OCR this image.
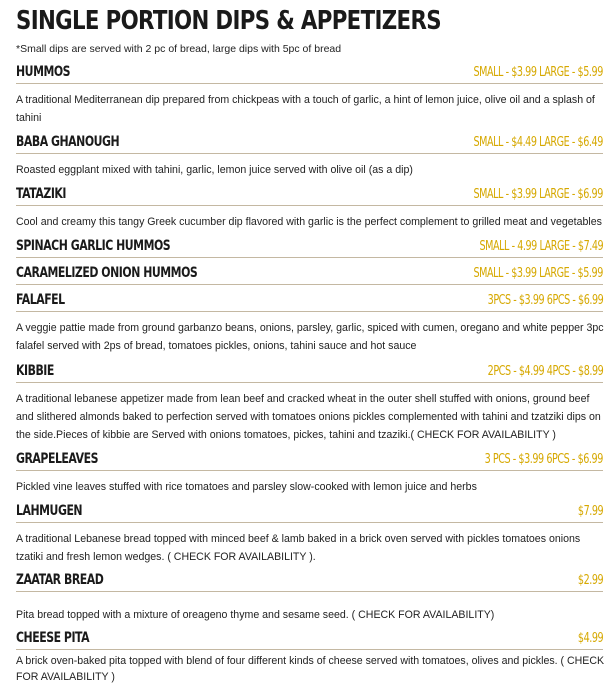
SINGLE PORTION DIPS & APPETIZERS
*Small dips are served with 2 pc of bread, large dips with 5pc of bread
HUMMOS	SMALL - $3.99 LARGE - $5.99
A traditional Mediterranean dip prepared from chickpeas with a touch of garlic, a hint of lemon juice, olive oil and a splash of tahini
BABA GHANOUGH	SMALL - $4.49 LARGE - $6.49
Roasted eggplant mixed with tahini, garlic, lemon juice served with olive oil (as a dip)
TATAZIKI	SMALL - $3.99 LARGE - $6.99
Cool and creamy this tangy Greek cucumber dip flavored with garlic is the perfect complement to grilled meat and vegetables
SPINACH GARLIC HUMMOS	SMALL - 4.99 LARGE - $7.49
CARAMELIZED ONION HUMMOS	SMALL - $3.99 LARGE - $5.99
FALAFEL	3PCS - $3.99 6PCS - $6.99
A veggie pattie made from ground garbanzo beans, onions, parsley, garlic, spiced with cumen, oregano and white pepper 3pc falafel served with 2ps of bread, tomatoes pickles, onions, tahini sauce and hot sauce
KIBBIE	2PCS - $4.99 4PCS - $8.99
A traditional lebanese appetizer made from lean beef and cracked wheat in the outer shell stuffed with onions, ground beef and slithered almonds baked to perfection served with tomatoes onions pickles complemented with tahini and tzatziki dips on the side.Pieces of kibbie are Served with onions tomatoes, pickes, tahini and tzaziki.( CHECK FOR AVAILABILITY )
GRAPELEAVES	3 PCS - $3.99 6PCS - $6.99
Pickled vine leaves stuffed with rice tomatoes and parsley slow-cooked with lemon juice and herbs
LAHMUGEN	$7.99
A traditional Lebanese bread topped with minced beef & lamb baked in a brick oven served with pickles tomatoes onions tzatiki and fresh lemon wedges. ( CHECK FOR AVAILABILITY ).
ZAATAR BREAD	$2.99
Pita bread topped with a mixture of oreageno thyme and sesame seed. ( CHECK FOR AVAILABILITY)
CHEESE PITA	$4.99
A brick oven-baked pita topped with blend of four different kinds of cheese served with tomatoes, olives and pickles. ( CHECK FOR AVAILABILITY )
